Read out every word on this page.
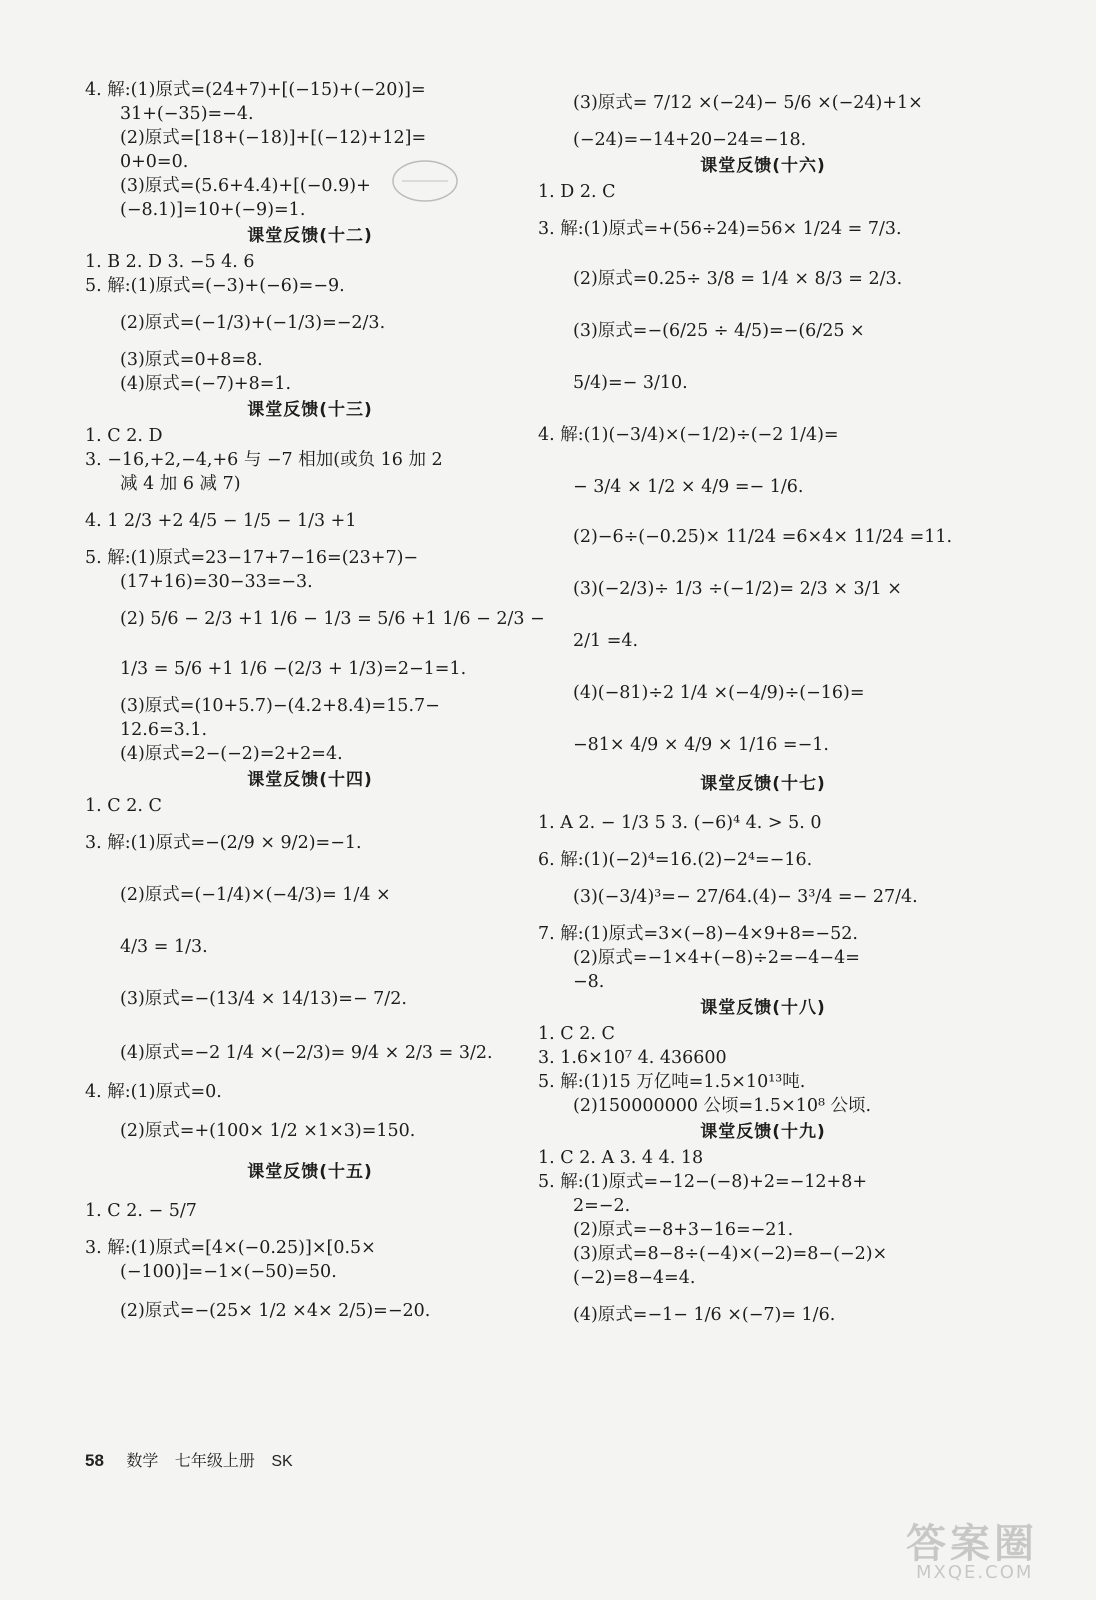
4. 解:(1)原式=(24+7)+[(−15)+(−20)]=
31+(−35)=−4.
(2)原式=[18+(−18)]+[(−12)+12]=
0+0=0.
(3)原式=(5.6+4.4)+[(−0.9)+
(−8.1)]=10+(−9)=1.
课堂反馈(十二)
1. B 2. D 3. −5 4. 6
5. 解:(1)原式=(−3)+(−6)=−9.
(2)原式=(−1/3)+(−1/3)=−2/3.
(3)原式=0+8=8.
(4)原式=(−7)+8=1.
课堂反馈(十三)
1. C 2. D
3. −16,+2,−4,+6 与 −7 相加(或负 16 加 2
减 4 加 6 减 7)
4. 1 2/3 +2 4/5 − 1/5 − 1/3 +1
5. 解:(1)原式=23−17+7−16=(23+7)−
(17+16)=30−33=−3.
(2) 5/6 − 2/3 +1 1/6 − 1/3 = 5/6 +1 1/6 − 2/3 −
1/3 = 5/6 +1 1/6 −(2/3 + 1/3)=2−1=1.
(3)原式=(10+5.7)−(4.2+8.4)=15.7−
12.6=3.1.
(4)原式=2−(−2)=2+2=4.
课堂反馈(十四)
1. C 2. C
3. 解:(1)原式=−(2/9 × 9/2)=−1.
(2)原式=(−1/4)×(−4/3)= 1/4 ×
4/3 = 1/3.
(3)原式=−(13/4 × 14/13)=− 7/2.
(4)原式=−2 1/4 ×(−2/3)= 9/4 × 2/3 = 3/2.
4. 解:(1)原式=0.
(2)原式=+(100× 1/2 ×1×3)=150.
课堂反馈(十五)
1. C 2. − 5/7
3. 解:(1)原式=[4×(−0.25)]×[0.5×
(−100)]=−1×(−50)=50.
(2)原式=−(25× 1/2 ×4× 2/5)=−20.
(3)原式= 7/12 ×(−24)− 5/6 ×(−24)+1×
(−24)=−14+20−24=−18.
课堂反馈(十六)
1. D 2. C
3. 解:(1)原式=+(56÷24)=56× 1/24 = 7/3.
(2)原式=0.25÷ 3/8 = 1/4 × 8/3 = 2/3.
(3)原式=−(6/25 ÷ 4/5)=−(6/25 ×
5/4)=− 3/10.
4. 解:(1)(−3/4)×(−1/2)÷(−2 1/4)=
− 3/4 × 1/2 × 4/9 =− 1/6.
(2)−6÷(−0.25)× 11/24 =6×4× 11/24 =11.
(3)(−2/3)÷ 1/3 ÷(−1/2)= 2/3 × 3/1 ×
2/1 =4.
(4)(−81)÷2 1/4 ×(−4/9)÷(−16)=
−81× 4/9 × 4/9 × 1/16 =−1.
课堂反馈(十七)
1. A 2. − 1/3 5 3. (−6)⁴ 4. > 5. 0
6. 解:(1)(−2)⁴=16.(2)−2⁴=−16.
(3)(−3/4)³=− 27/64.(4)− 3³/4 =− 27/4.
7. 解:(1)原式=3×(−8)−4×9+8=−52.
(2)原式=−1×4+(−8)÷2=−4−4=
−8.
课堂反馈(十八)
1. C 2. C
3. 1.6×10⁷ 4. 436600
5. 解:(1)15 万亿吨=1.5×10¹³吨.
(2)150000000 公顷=1.5×10⁸ 公顷.
课堂反馈(十九)
1. C 2. A 3. 4 4. 18
5. 解:(1)原式=−12−(−8)+2=−12+8+
2=−2.
(2)原式=−8+3−16=−21.
(3)原式=8−8÷(−4)×(−2)=8−(−2)×
(−2)=8−4=4.
(4)原式=−1− 1/6 ×(−7)= 1/6.
58 数学 七年级上册 SK
答案圈
MXQE.COM
